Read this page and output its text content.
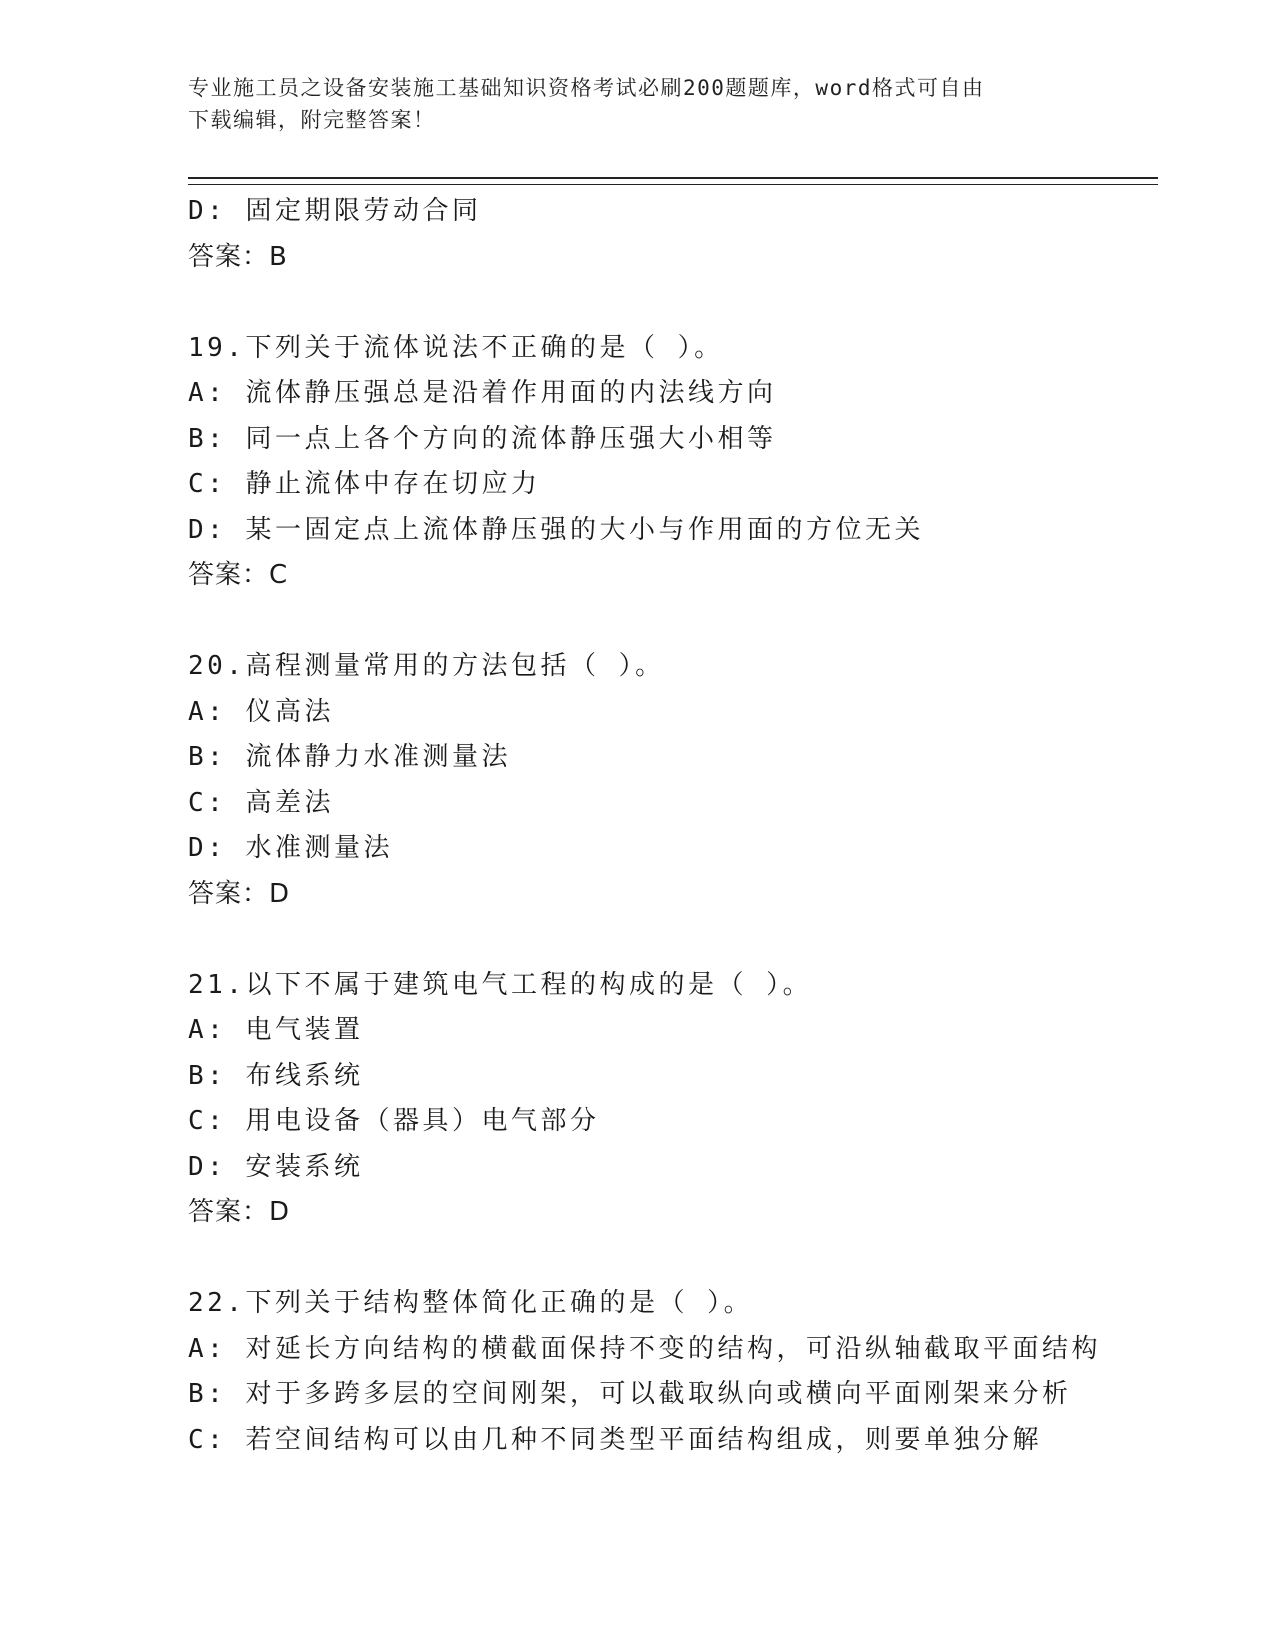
专业施工员之设备安装施工基础知识资格考试必刷200题题库，word格式可自由
下载编辑，附完整答案！
D: 固定期限劳动合同
答案：B
19.下列关于流体说法不正确的是（ ）。
A: 流体静压强总是沿着作用面的内法线方向
B: 同一点上各个方向的流体静压强大小相等
C: 静止流体中存在切应力
D: 某一固定点上流体静压强的大小与作用面的方位无关
答案：C
20.高程测量常用的方法包括（ ）。
A: 仪高法
B: 流体静力水准测量法
C: 高差法
D: 水准测量法
答案：D
21.以下不属于建筑电气工程的构成的是（ ）。
A: 电气装置
B: 布线系统
C: 用电设备（器具）电气部分
D: 安装系统
答案：D
22.下列关于结构整体简化正确的是（ ）。
A: 对延长方向结构的横截面保持不变的结构，可沿纵轴截取平面结构
B: 对于多跨多层的空间刚架，可以截取纵向或横向平面刚架来分析
C: 若空间结构可以由几种不同类型平面结构组成，则要单独分解
